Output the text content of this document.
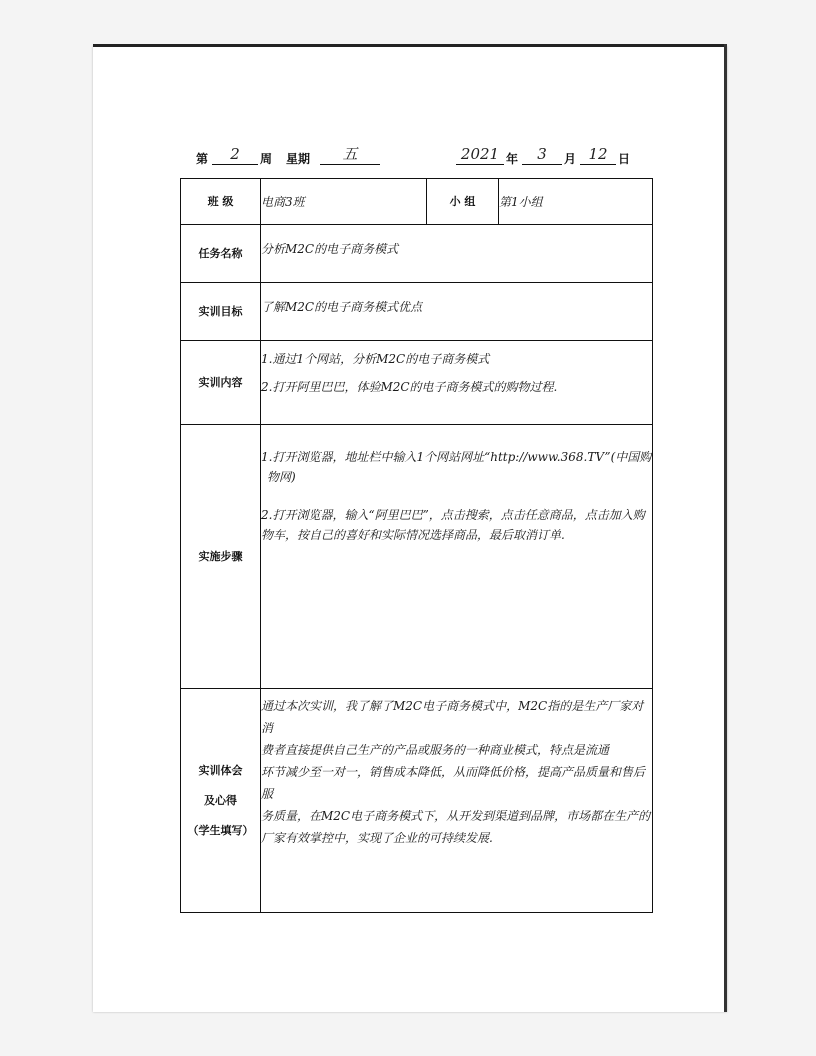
第	2	周 星期	五	2021 年	3	月 12 日
班 级	电商3班	小 组	第1小组
任务名称	分析M2C的电子商务模式		
实训目标	了解M2C的电子商务模式优点		
实训内容	1.通过1个网站，分析M2C的电子商务模式
2.打开阿里巴巴，体验M2C的电子商务模式的购物过程.		

实施步骤	1.打开浏览器，地址栏中输入1个网站网址“http://www.368.TV”(中国购
物网)
2.打开浏览器，输入“阿里巴巴”，点击搜索，点击任意商品，点击加入购
物车，按自己的喜好和实际情况选择商品，最后取消订单.		

实训体会
及心得
（学生填写）	通过本次实训，我了解了M2C电子商务模式中，M2C指的是生产厂家对消
费者直接提供自己生产的产品或服务的一种商业模式，特点是流通
环节减少至一对一，销售成本降低，从而降低价格，提高产品质量和售后服
务质量，在M2C电子商务模式下，从开发到渠道到品牌，市场都在生产的
厂家有效掌控中，实现了企业的可持续发展.		
